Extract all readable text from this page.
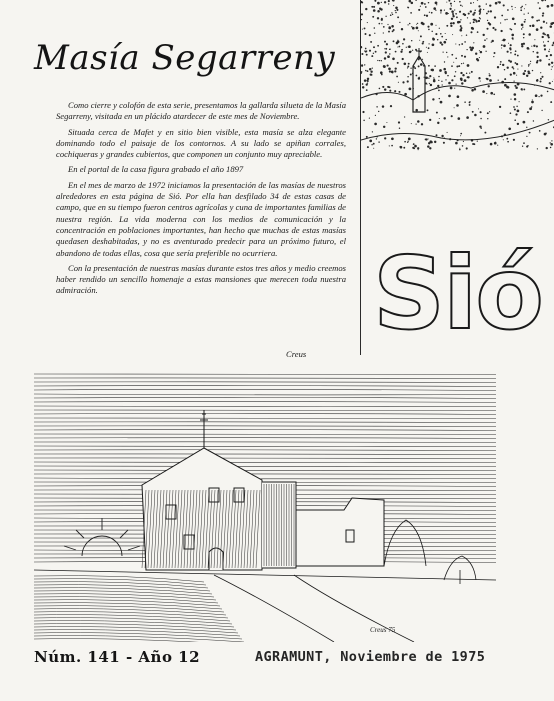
Masía Segarreny

Como cierre y colofón de esta serie, presentamos la gallarda silueta de la Masía Segarreny, visitada en un plácido atardecer de este mes de Noviembre.

Situada cerca de Mafet y en sitio bien visible, esta masía se alza elegante dominando todo el paisaje de los contornos. A su lado se apiñan corrales, cochiqueras y grandes cubiertos, que componen un conjunto muy apreciable.

En el portal de la casa figura grabado el año 1897

En el mes de marzo de 1972 iniciamos la presentación de las masías de nuestros alrededores en esta página de Sió. Por ella han desfilado 34 de estas casas de campo, que en su tiempo fueron centros agrícolas y cuna de importantes familias de nuestra región. La vida moderna con los medios de comunicación y la concentración en poblaciones importantes, han hecho que muchas de estas masías quedasen deshabitadas, y no es aventurado predecir para un próximo futuro, el abandono de todas ellas, cosa que sería preferible no ocurriera.

Con la presentación de nuestras masías durante estos tres años y medio creemos haber rendido un sencillo homenaje a estas mansiones que merecen toda nuestra admiración.

Creus
Sió
Creus 75
Núm. 141 - Año 12	AGRAMUNT, Noviembre de 1975
